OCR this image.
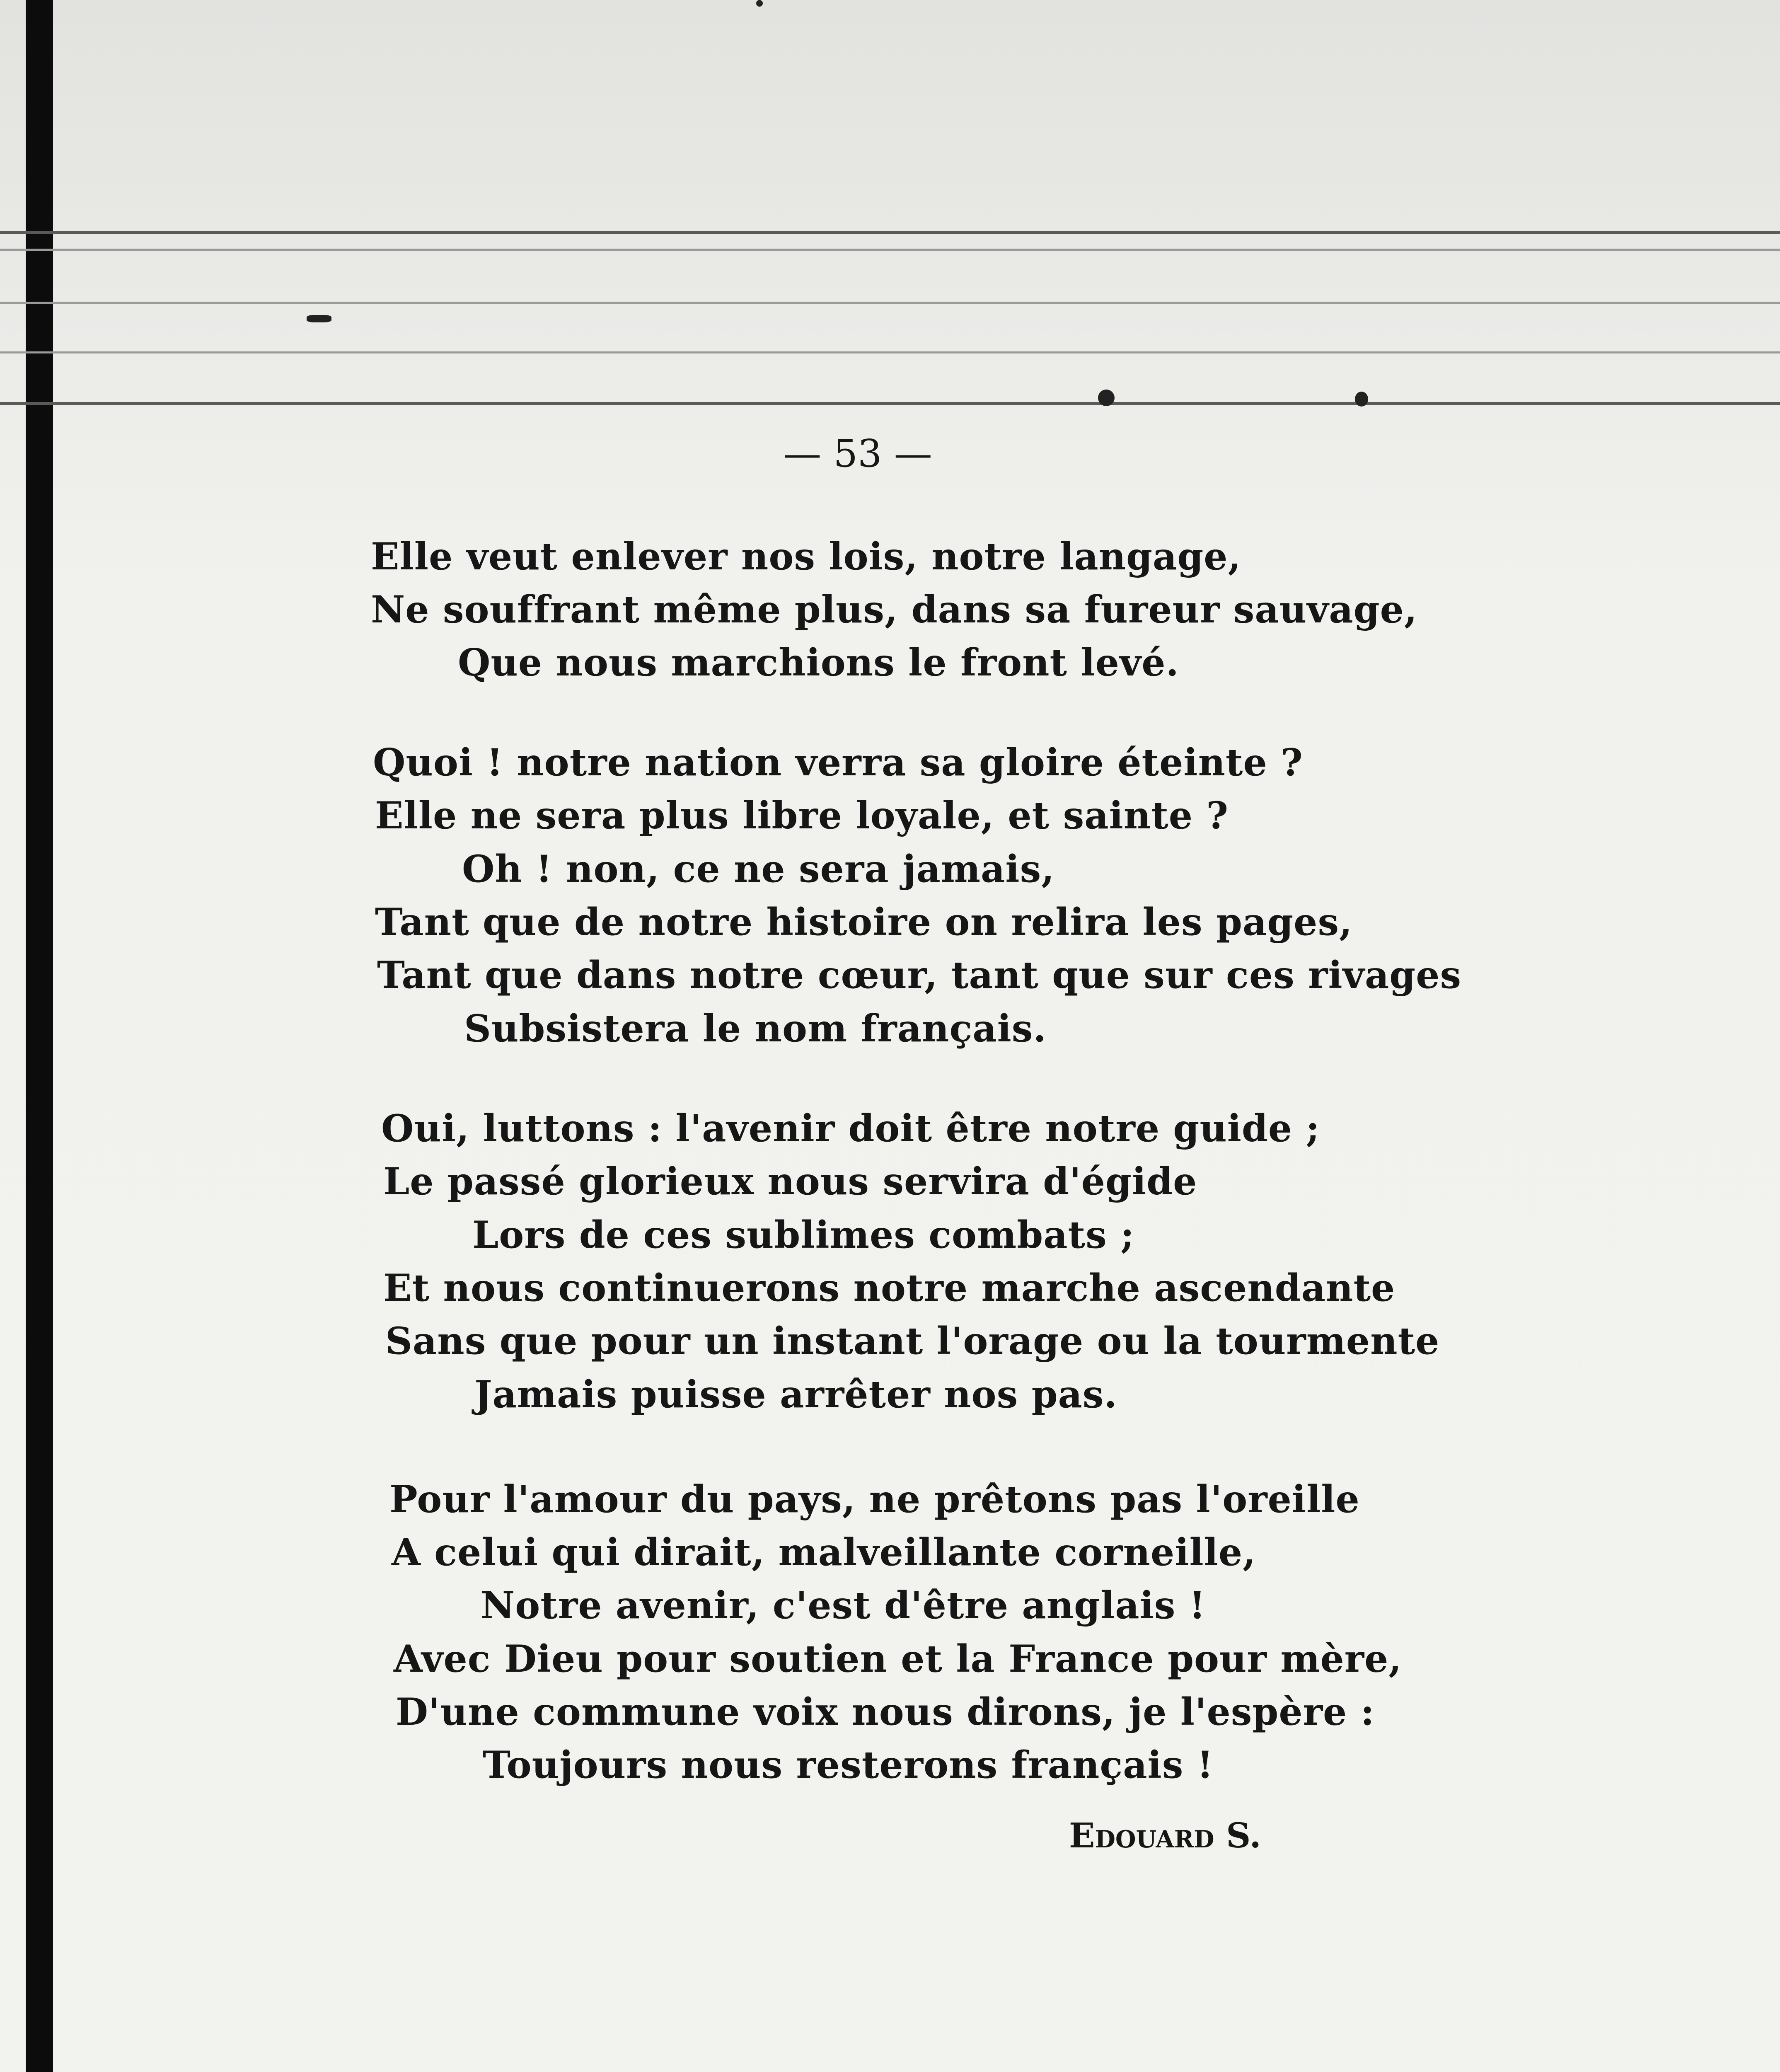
— 53 —
Elle veut enlever nos lois, notre langage,
Ne souffrant même plus, dans sa fureur sauvage,
Que nous marchions le front levé.
Quoi ! notre nation verra sa gloire éteinte ?
Elle ne sera plus libre loyale, et sainte ?
Oh ! non, ce ne sera jamais,
Tant que de notre histoire on relira les pages,
Tant que dans notre cœur, tant que sur ces rivages
Subsistera le nom français.
Oui, luttons : l'avenir doit être notre guide ;
Le passé glorieux nous servira d'égide
Lors de ces sublimes combats ;
Et nous continuerons notre marche ascendante
Sans que pour un instant l'orage ou la tourmente
Jamais puisse arrêter nos pas.
Pour l'amour du pays, ne prêtons pas l'oreille
A celui qui dirait, malveillante corneille,
Notre avenir, c'est d'être anglais !
Avec Dieu pour soutien et la France pour mère,
D'une commune voix nous dirons, je l'espère :
Toujours nous resterons français !
Edouard S.
